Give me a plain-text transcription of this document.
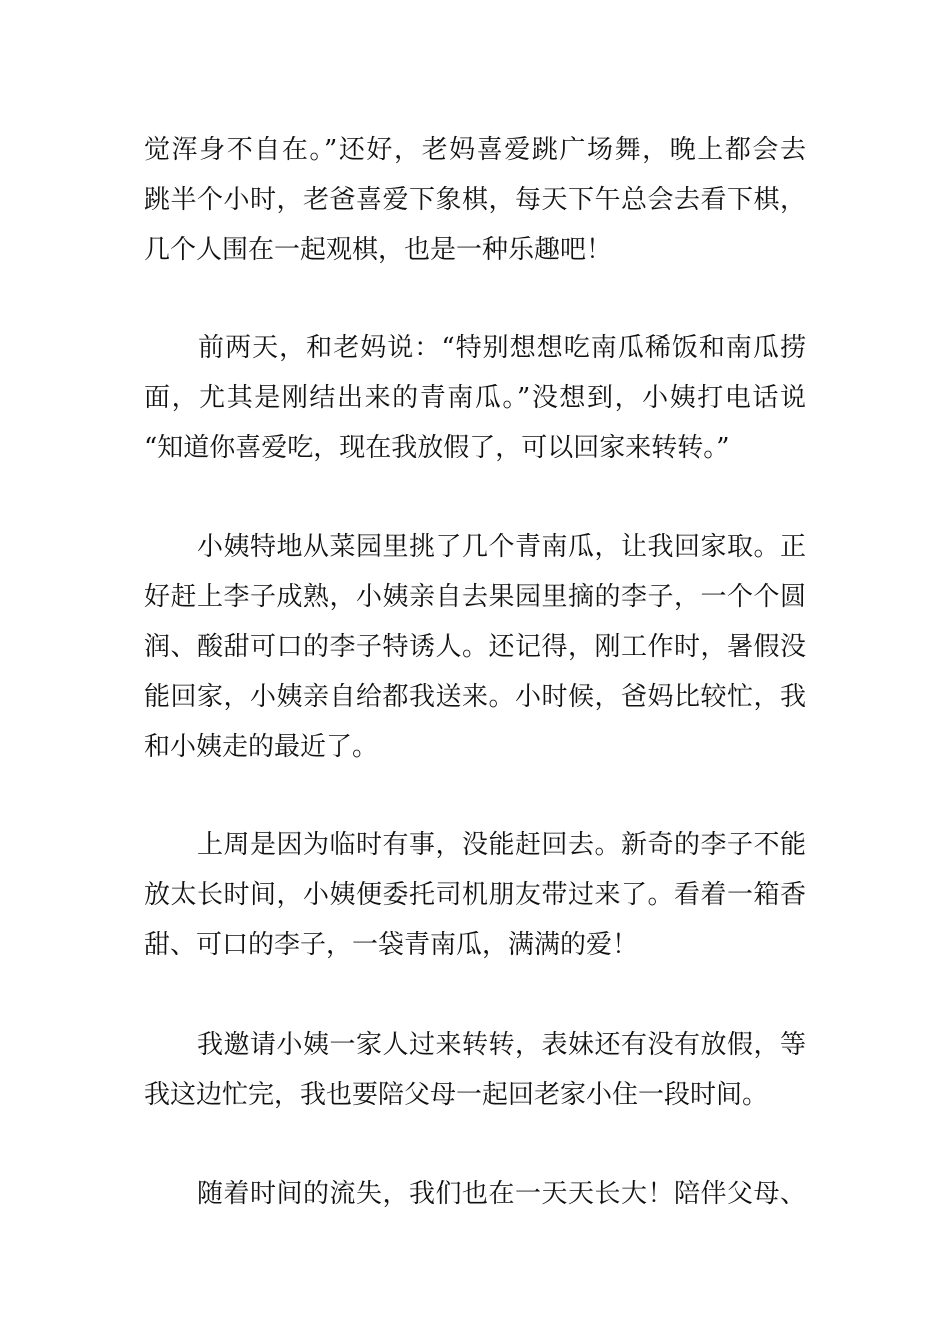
觉浑身不自在。”还好，老妈喜爱跳广场舞，晚上都会去
跳半个小时，老爸喜爱下象棋，每天下午总会去看下棋，
几个人围在一起观棋，也是一种乐趣吧！
　　前两天，和老妈说：“特别想想吃南瓜稀饭和南瓜捞
面，尤其是刚结出来的青南瓜。”没想到，小姨打电话说
“知道你喜爱吃，现在我放假了，可以回家来转转。”
　　小姨特地从菜园里挑了几个青南瓜，让我回家取。正
好赶上李子成熟，小姨亲自去果园里摘的李子，一个个圆
润、酸甜可口的李子特诱人。还记得，刚工作时，暑假没
能回家，小姨亲自给都我送来。小时候，爸妈比较忙，我
和小姨走的最近了。
　　上周是因为临时有事，没能赶回去。新奇的李子不能
放太长时间，小姨便委托司机朋友带过来了。看着一箱香
甜、可口的李子，一袋青南瓜，满满的爱！
　　我邀请小姨一家人过来转转，表妹还有没有放假，等
我这边忙完，我也要陪父母一起回老家小住一段时间。
　　随着时间的流失，我们也在一天天长大！陪伴父母、
